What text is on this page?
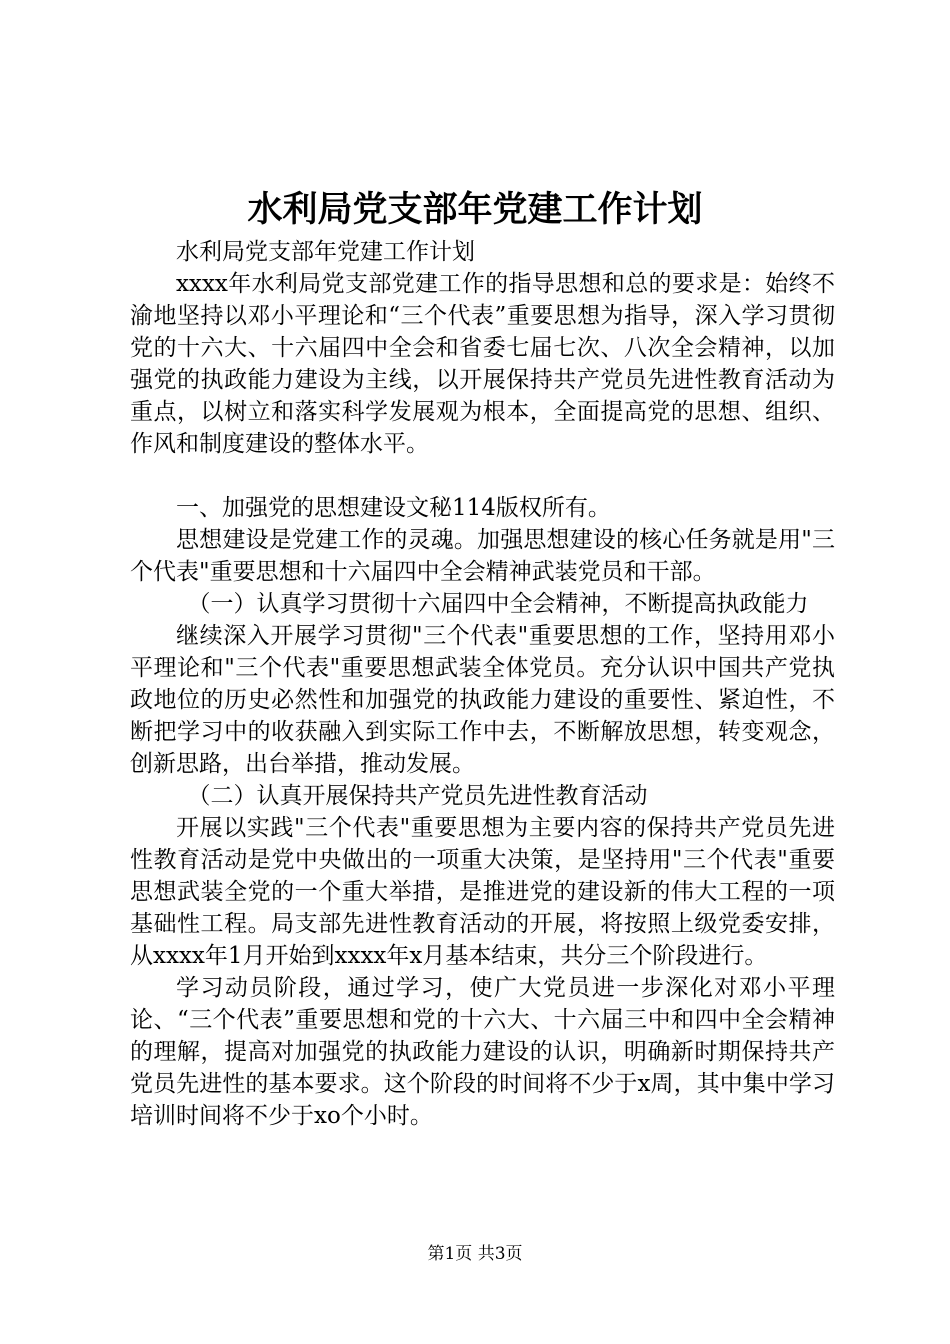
水利局党支部年党建工作计划

水利局党支部年党建工作计划

xxxx年水利局党支部党建工作的指导思想和总的要求是：始终不渝地坚持以邓小平理论和“三个代表”重要思想为指导，深入学习贯彻党的十六大、十六届四中全会和省委七届七次、八次全会精神，以加强党的执政能力建设为主线，以开展保持共产党员先进性教育活动为重点，以树立和落实科学发展观为根本，全面提高党的思想、组织、作风和制度建设的整体水平。

一、加强党的思想建设文秘114版权所有。

思想建设是党建工作的灵魂。加强思想建设的核心任务就是用"三个代表"重要思想和十六届四中全会精神武装党员和干部。

（一）认真学习贯彻十六届四中全会精神，不断提高执政能力

继续深入开展学习贯彻"三个代表"重要思想的工作，坚持用邓小平理论和"三个代表"重要思想武装全体党员。充分认识中国共产党执政地位的历史必然性和加强党的执政能力建设的重要性、紧迫性，不断把学习中的收获融入到实际工作中去，不断解放思想，转变观念，创新思路，出台举措，推动发展。

（二）认真开展保持共产党员先进性教育活动

开展以实践"三个代表"重要思想为主要内容的保持共产党员先进性教育活动是党中央做出的一项重大决策，是坚持用"三个代表"重要思想武装全党的一个重大举措，是推进党的建设新的伟大工程的一项基础性工程。局支部先进性教育活动的开展，将按照上级党委安排，从xxxx年1月开始到xxxx年x月基本结束，共分三个阶段进行。

学习动员阶段，通过学习，使广大党员进一步深化对邓小平理论、“三个代表”重要思想和党的十六大、十六届三中和四中全会精神的理解，提高对加强党的执政能力建设的认识，明确新时期保持共产党员先进性的基本要求。这个阶段的时间将不少于x周，其中集中学习培训时间将不少于xo个小时。

第1页 共3页
